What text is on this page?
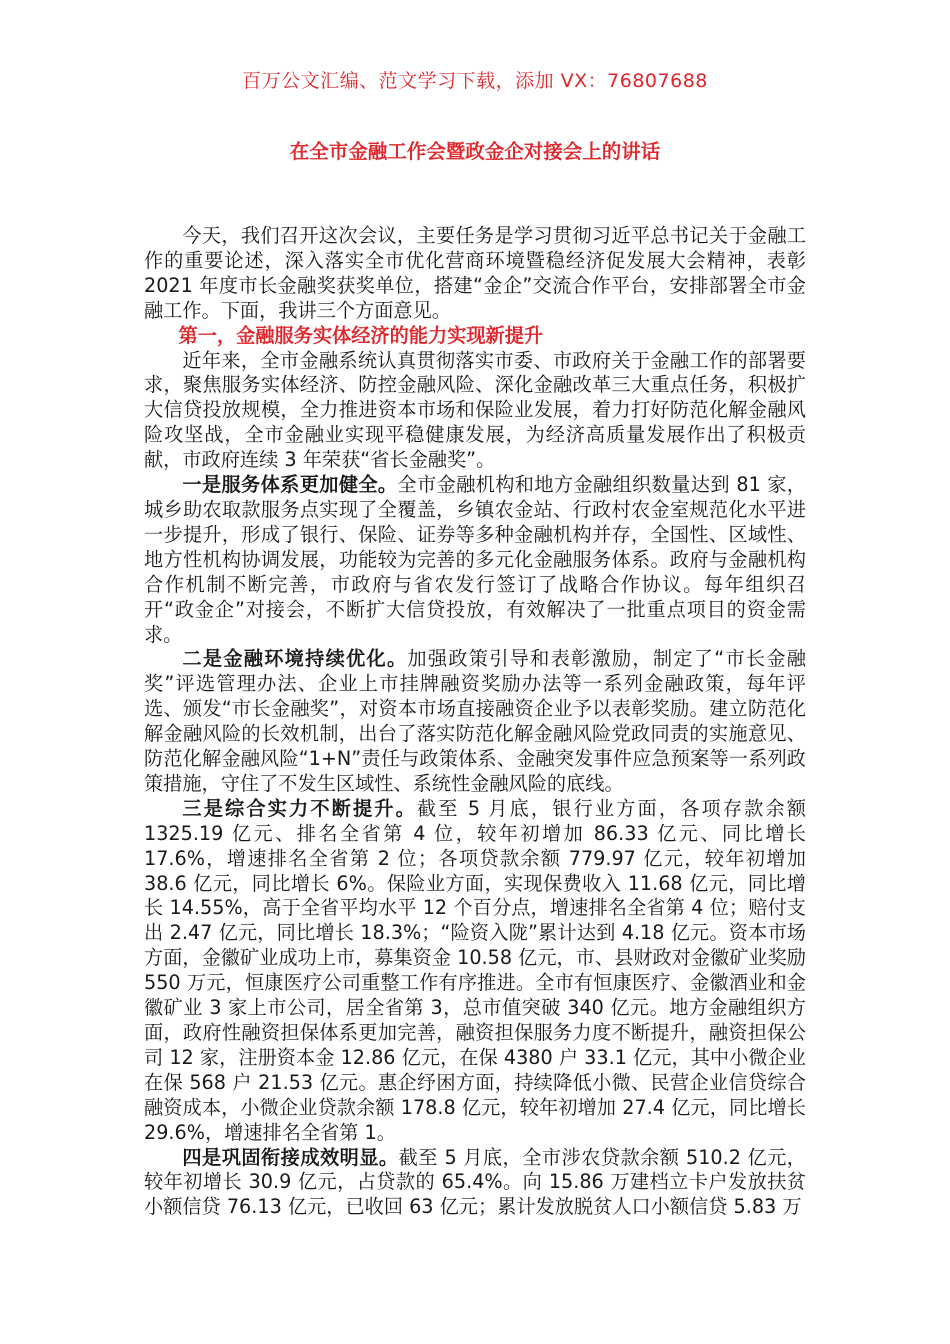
百万公文汇编、范文学习下载，添加 VX：76807688
在全市金融工作会暨政金企对接会上的讲话

今天，我们召开这次会议，主要任务是学习贯彻习近平总书记关于金融工作的重要论述，深入落实全市优化营商环境暨稳经济促发展大会精神，表彰 2021 年度市长金融奖获奖单位，搭建“金企”交流合作平台，安排部署全市金融工作。下面，我讲三个方面意见。

第一，金融服务实体经济的能力实现新提升

近年来，全市金融系统认真贯彻落实市委、市政府关于金融工作的部署要求，聚焦服务实体经济、防控金融风险、深化金融改革三大重点任务，积极扩大信贷投放规模，全力推进资本市场和保险业发展，着力打好防范化解金融风险攻坚战，全市金融业实现平稳健康发展，为经济高质量发展作出了积极贡献，市政府连续 3 年荣获“省长金融奖”。

一是服务体系更加健全。全市金融机构和地方金融组织数量达到 81 家，城乡助农取款服务点实现了全覆盖，乡镇农金站、行政村农金室规范化水平进一步提升，形成了银行、保险、证券等多种金融机构并存，全国性、区域性、地方性机构协调发展，功能较为完善的多元化金融服务体系。政府与金融机构合作机制不断完善，市政府与省农发行签订了战略合作协议。每年组织召开“政金企”对接会，不断扩大信贷投放，有效解决了一批重点项目的资金需求。

二是金融环境持续优化。加强政策引导和表彰激励，制定了“市长金融奖”评选管理办法、企业上市挂牌融资奖励办法等一系列金融政策，每年评选、颁发“市长金融奖”，对资本市场直接融资企业予以表彰奖励。建立防范化解金融风险的长效机制，出台了落实防范化解金融风险党政同责的实施意见、防范化解金融风险“1+N”责任与政策体系、金融突发事件应急预案等一系列政策措施，守住了不发生区域性、系统性金融风险的底线。

三是综合实力不断提升。截至 5 月底，银行业方面，各项存款余额 1325.19 亿元、排名全省第 4 位，较年初增加 86.33 亿元、同比增长 17.6%，增速排名全省第 2 位；各项贷款余额 779.97 亿元，较年初增加 38.6 亿元，同比增长 6%。保险业方面，实现保费收入 11.68 亿元，同比增长 14.55%，高于全省平均水平 12 个百分点，增速排名全省第 4 位；赔付支出 2.47 亿元，同比增长 18.3%；“险资入陇”累计达到 4.18 亿元。资本市场方面，金徽矿业成功上市，募集资金 10.58 亿元，市、县财政对金徽矿业奖励 550 万元，恒康医疗公司重整工作有序推进。全市有恒康医疗、金徽酒业和金徽矿业 3 家上市公司，居全省第 3，总市值突破 340 亿元。地方金融组织方面，政府性融资担保体系更加完善，融资担保服务力度不断提升，融资担保公司 12 家，注册资本金 12.86 亿元，在保 4380 户 33.1 亿元，其中小微企业在保 568 户 21.53 亿元。惠企纾困方面，持续降低小微、民营企业信贷综合融资成本，小微企业贷款余额 178.8 亿元，较年初增加 27.4 亿元，同比增长 29.6%，增速排名全省第 1。

四是巩固衔接成效明显。截至 5 月底，全市涉农贷款余额 510.2 亿元，较年初增长 30.9 亿元，占贷款的 65.4%。向 15.86 万建档立卡户发放扶贫小额信贷 76.13 亿元，已收回 63 亿元；累计发放脱贫人口小额信贷 5.83 万
